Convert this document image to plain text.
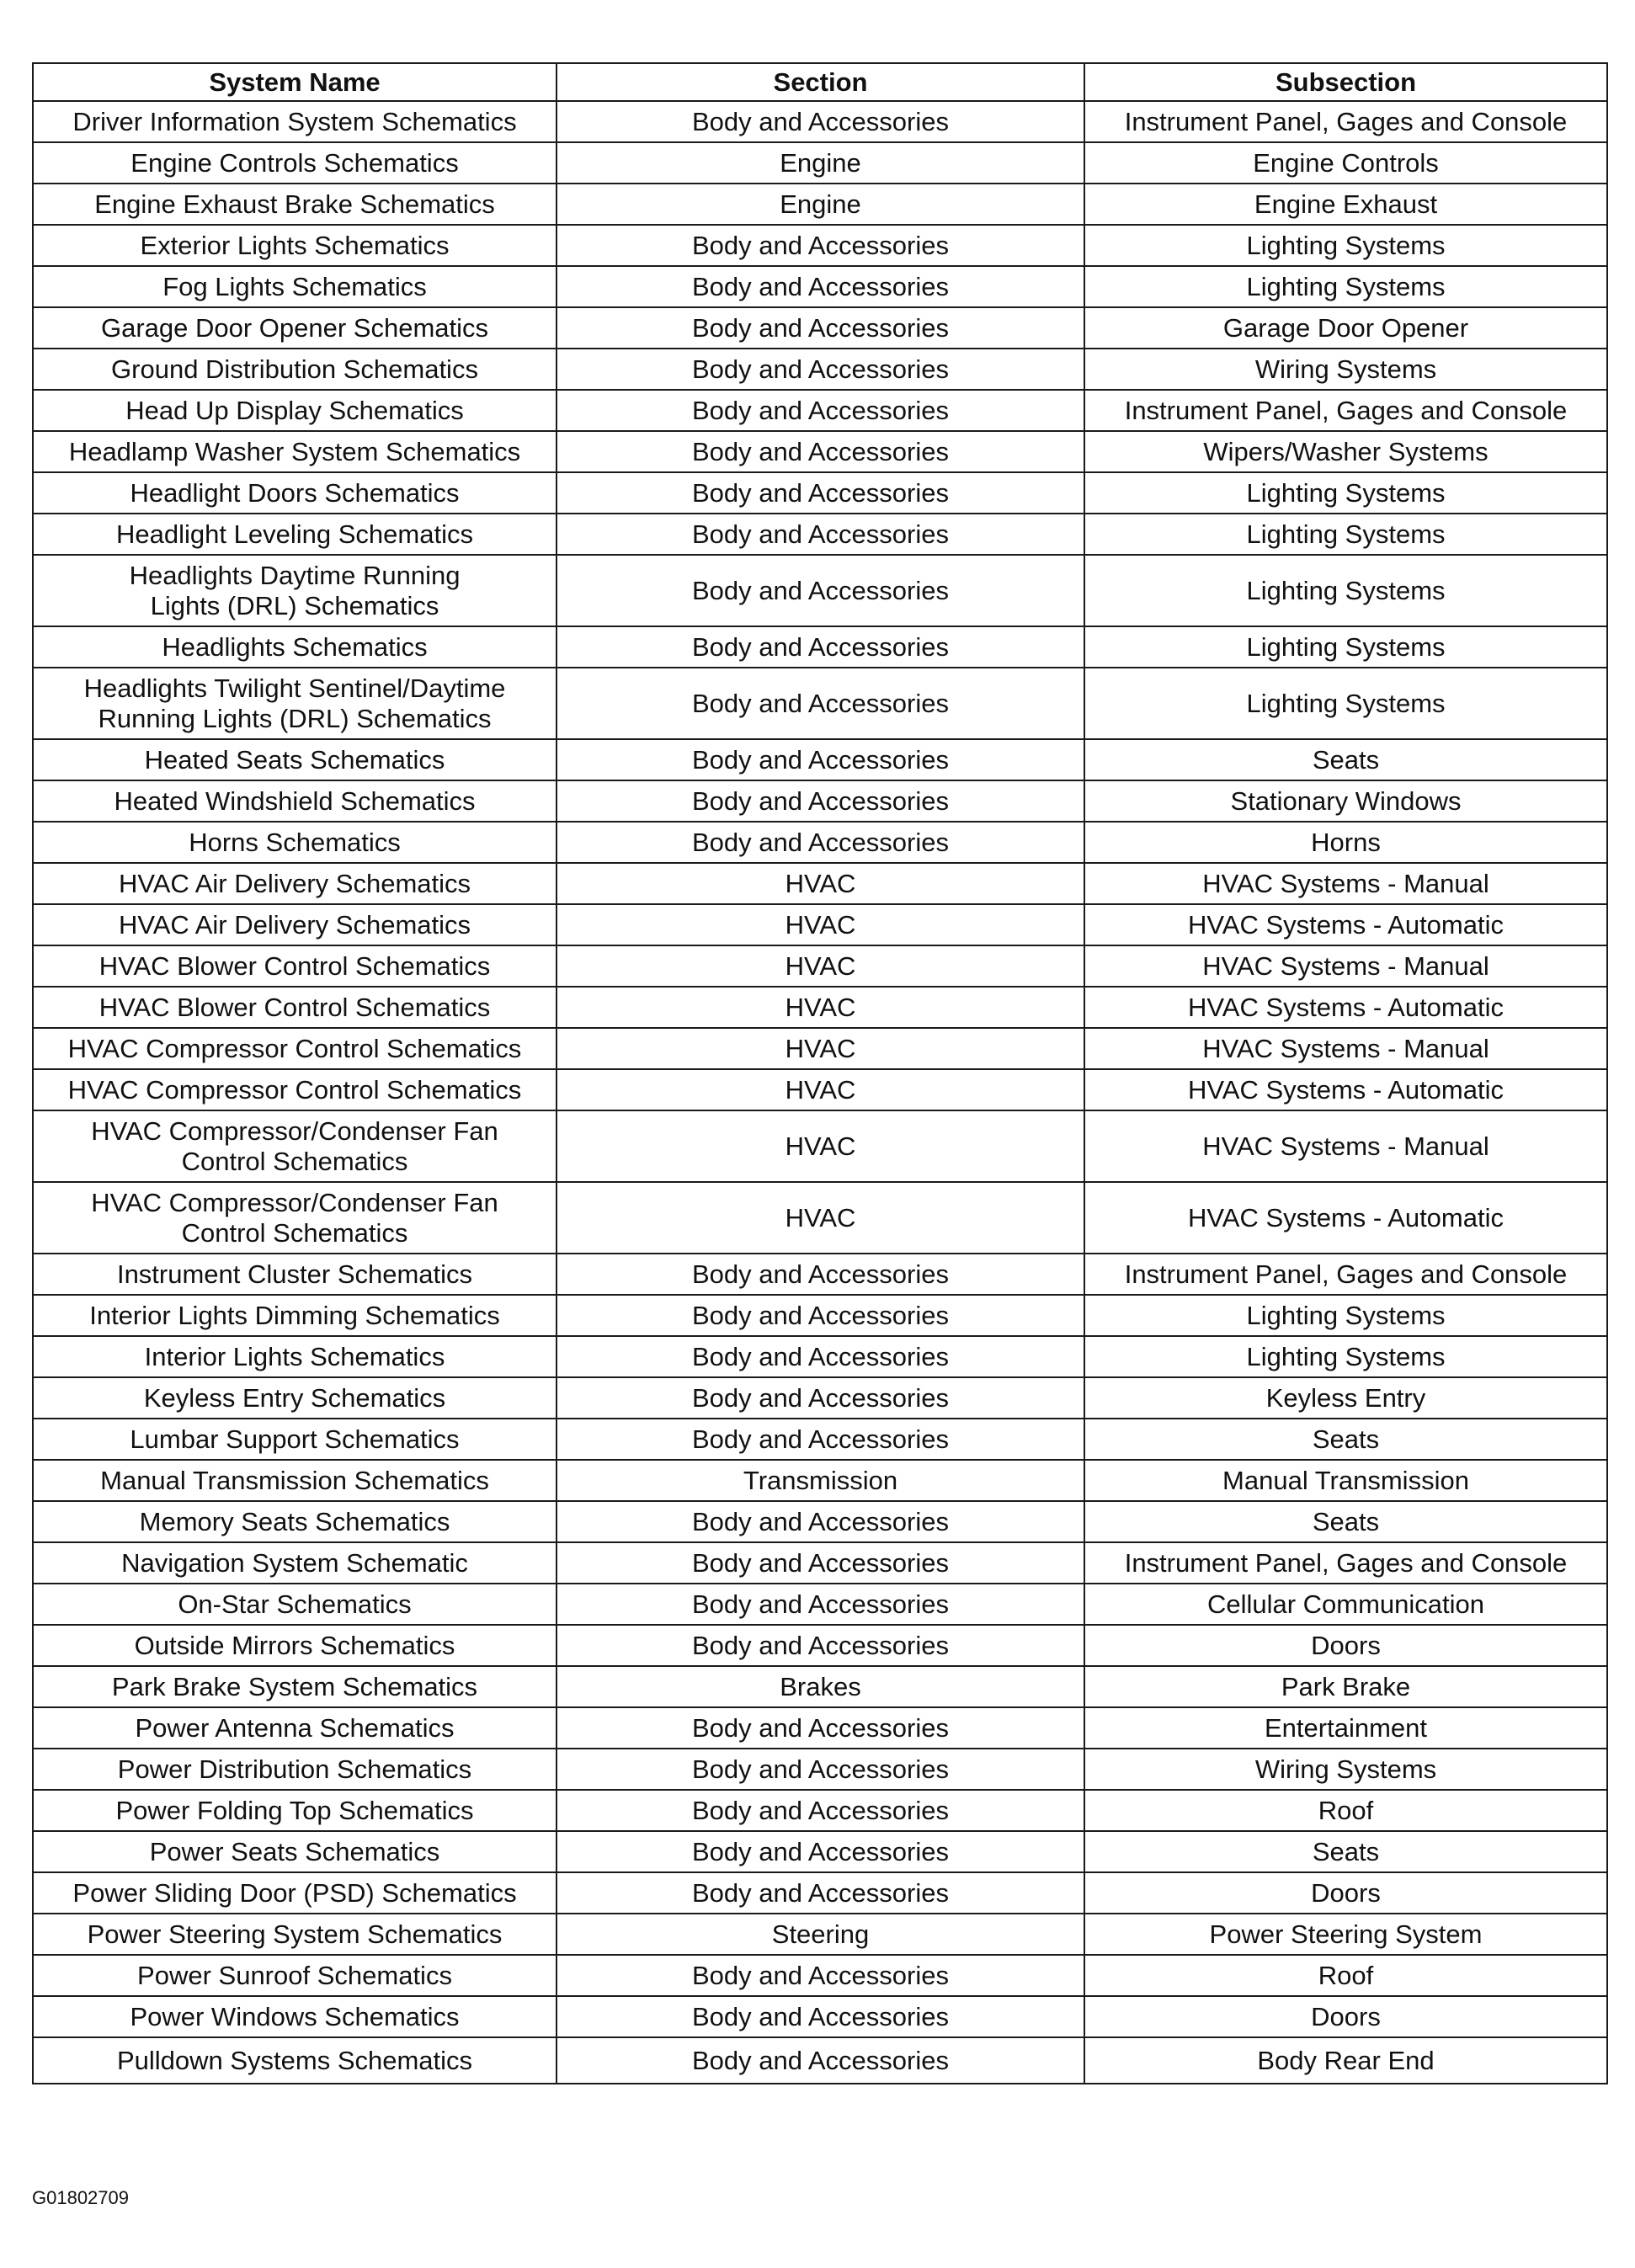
System Name	Section	Subsection
Driver Information System Schematics	Body and Accessories	Instrument Panel, Gages and Console
Engine Controls Schematics	Engine	Engine Controls
Engine Exhaust Brake Schematics	Engine	Engine Exhaust
Exterior Lights Schematics	Body and Accessories	Lighting Systems
Fog Lights Schematics	Body and Accessories	Lighting Systems
Garage Door Opener Schematics	Body and Accessories	Garage Door Opener
Ground Distribution Schematics	Body and Accessories	Wiring Systems
Head Up Display Schematics	Body and Accessories	Instrument Panel, Gages and Console
Headlamp Washer System Schematics	Body and Accessories	Wipers/Washer Systems
Headlight Doors Schematics	Body and Accessories	Lighting Systems
Headlight Leveling Schematics	Body and Accessories	Lighting Systems
Headlights Daytime Running
Lights (DRL) Schematics	Body and Accessories	Lighting Systems
Headlights Schematics	Body and Accessories	Lighting Systems
Headlights Twilight Sentinel/Daytime
Running Lights (DRL) Schematics	Body and Accessories	Lighting Systems
Heated Seats Schematics	Body and Accessories	Seats
Heated Windshield Schematics	Body and Accessories	Stationary Windows
Horns Schematics	Body and Accessories	Horns
HVAC Air Delivery Schematics	HVAC	HVAC Systems - Manual
HVAC Air Delivery Schematics	HVAC	HVAC Systems - Automatic
HVAC Blower Control Schematics	HVAC	HVAC Systems - Manual
HVAC Blower Control Schematics	HVAC	HVAC Systems - Automatic
HVAC Compressor Control Schematics	HVAC	HVAC Systems - Manual
HVAC Compressor Control Schematics	HVAC	HVAC Systems - Automatic
HVAC Compressor/Condenser Fan
Control Schematics	HVAC	HVAC Systems - Manual
HVAC Compressor/Condenser Fan
Control Schematics	HVAC	HVAC Systems - Automatic
Instrument Cluster Schematics	Body and Accessories	Instrument Panel, Gages and Console
Interior Lights Dimming Schematics	Body and Accessories	Lighting Systems
Interior Lights Schematics	Body and Accessories	Lighting Systems
Keyless Entry Schematics	Body and Accessories	Keyless Entry
Lumbar Support Schematics	Body and Accessories	Seats
Manual Transmission Schematics	Transmission	Manual Transmission
Memory Seats Schematics	Body and Accessories	Seats
Navigation System Schematic	Body and Accessories	Instrument Panel, Gages and Console
On-Star Schematics	Body and Accessories	Cellular Communication
Outside Mirrors Schematics	Body and Accessories	Doors
Park Brake System Schematics	Brakes	Park Brake
Power Antenna Schematics	Body and Accessories	Entertainment
Power Distribution Schematics	Body and Accessories	Wiring Systems
Power Folding Top Schematics	Body and Accessories	Roof
Power Seats Schematics	Body and Accessories	Seats
Power Sliding Door (PSD) Schematics	Body and Accessories	Doors
Power Steering System Schematics	Steering	Power Steering System
Power Sunroof Schematics	Body and Accessories	Roof
Power Windows Schematics	Body and Accessories	Doors
Pulldown Systems Schematics	Body and Accessories	Body Rear End
G01802709
